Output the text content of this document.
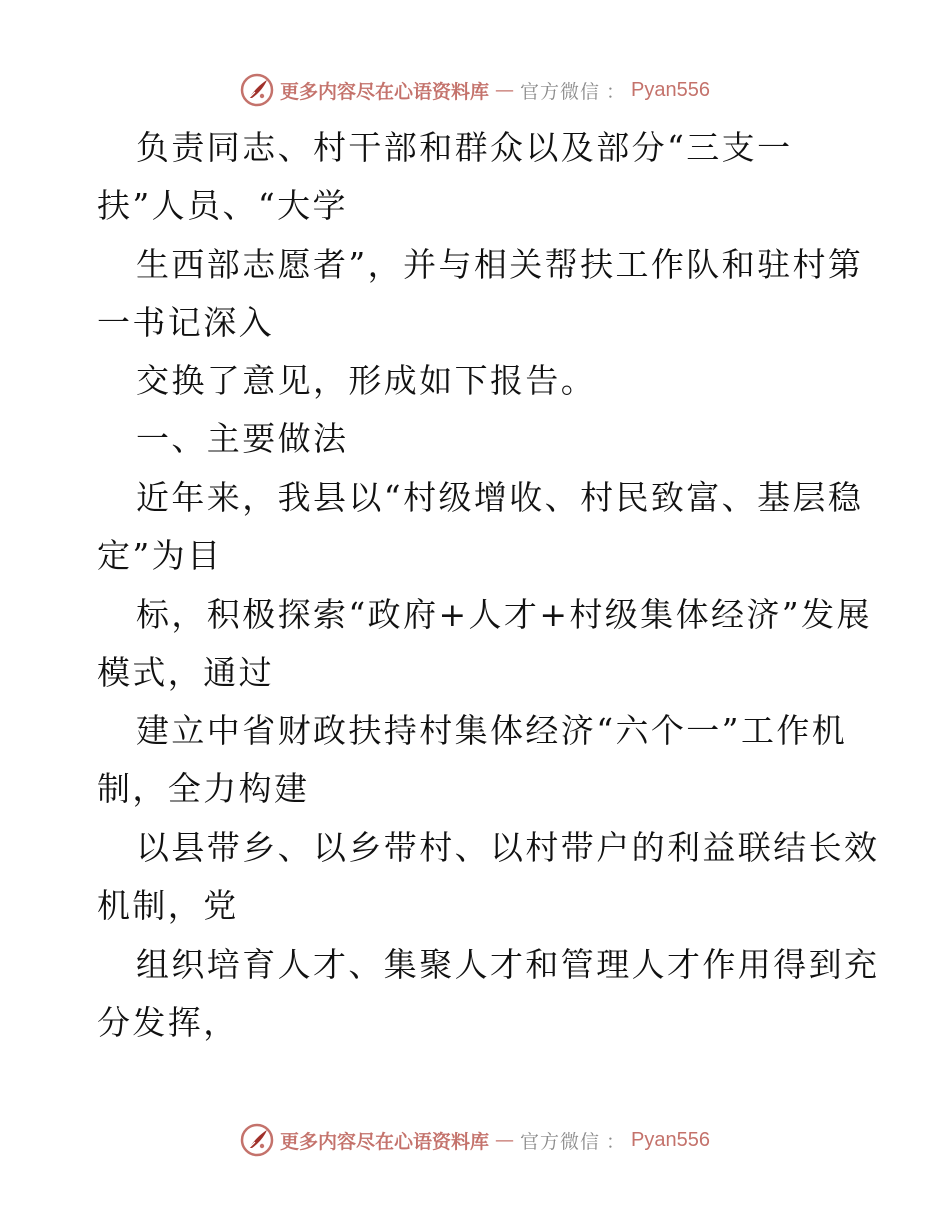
更多内容尽在心语资料库 — 官方微信 ： Pyan556
负责同志、村干部和群众以及部分“三支一
扶”人员、“大学
生西部志愿者”，并与相关帮扶工作队和驻村第
一书记深入
交换了意见，形成如下报告。
一、主要做法
近年来，我县以“村级增收、村民致富、基层稳
定”为目
标，积极探索“政府+人才+村级集体经济”发展
模式，通过
建立中省财政扶持村集体经济“六个一”工作机
制，全力构建
以县带乡、以乡带村、以村带户的利益联结长效
机制，党
组织培育人才、集聚人才和管理人才作用得到充
分发挥，
更多内容尽在心语资料库 — 官方微信 ： Pyan556
